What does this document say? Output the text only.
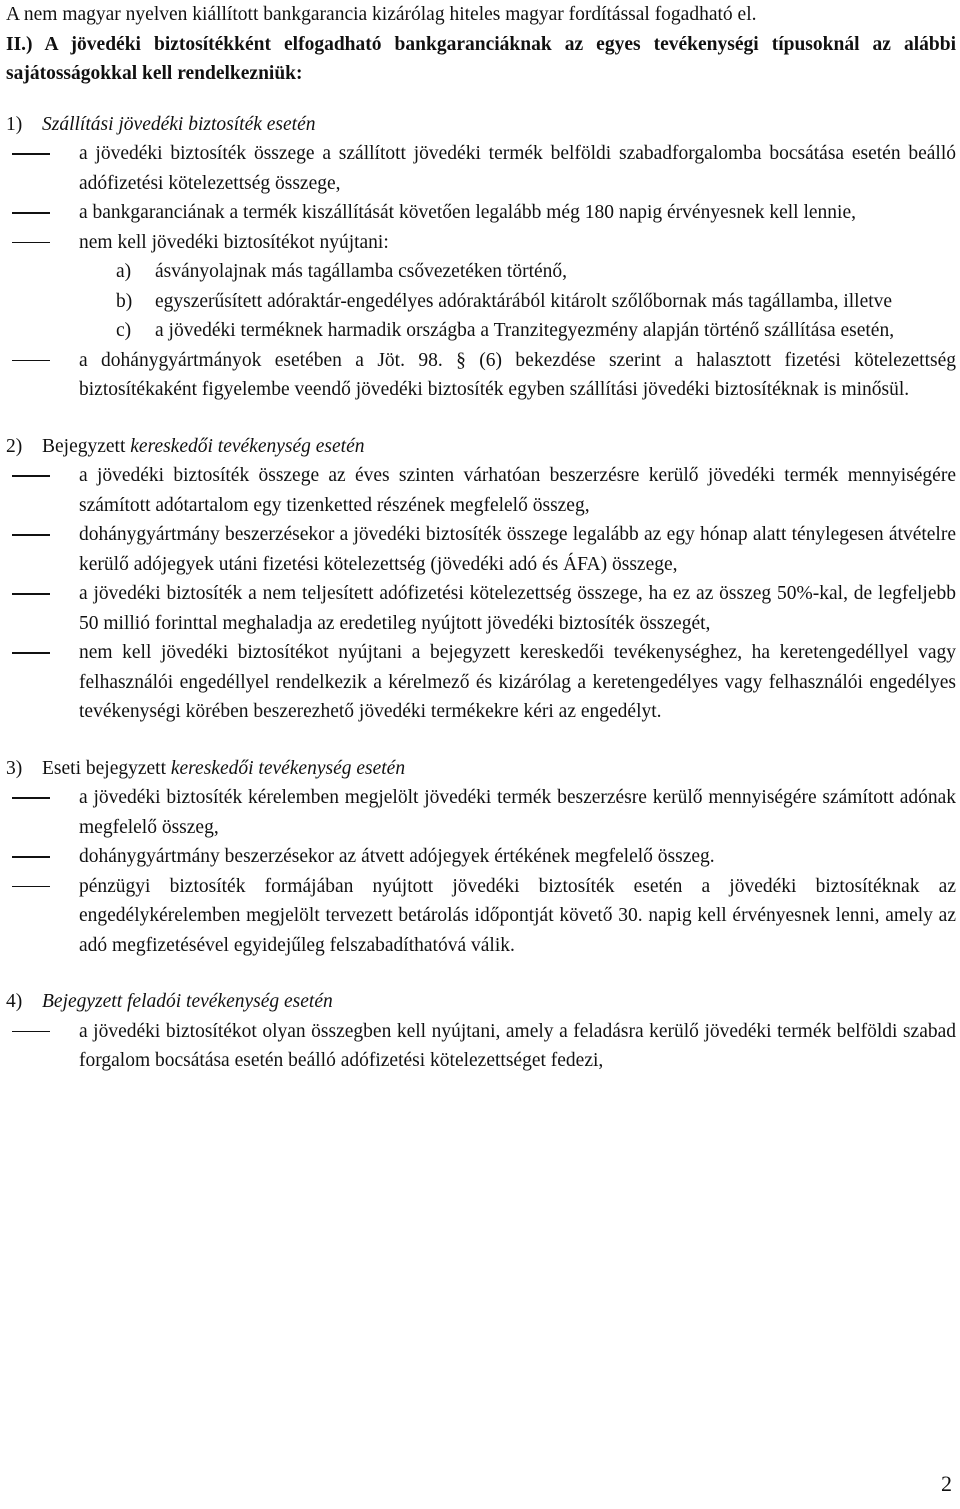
A nem magyar nyelven kiállított bankgarancia kizárólag hiteles magyar fordítással fogadható el.

II.) A jövedéki biztosítékként elfogadható bankgaranciáknak az egyes tevékenységi típusoknál az alábbi sajátosságokkal kell rendelkezniük:

1) Szállítási jövedéki biztosíték esetén
a jövedéki biztosíték összege a szállított jövedéki termék belföldi szabadforgalomba bocsátása esetén beálló adófizetési kötelezettség összege,
a bankgaranciának a termék kiszállítását követően legalább még 180 napig érvényesnek kell lennie,
nem kell jövedéki biztosítékot nyújtani:
a) ásványolajnak más tagállamba csővezetéken történő,
b) egyszerűsített adóraktár-engedélyes adóraktárából kitárolt szőlőbornak más tagállamba, illetve
c) a jövedéki terméknek harmadik országba a Tranzitegyezmény alapján történő szállítása esetén,
a dohánygyártmányok esetében a Jöt. 98. § (6) bekezdése szerint a halasztott fizetési kötelezettség biztosítékaként figyelembe veendő jövedéki biztosíték egyben szállítási jövedéki biztosítéknak is minősül.
2) Bejegyzett kereskedői tevékenység esetén
a jövedéki biztosíték összege az éves szinten várhatóan beszerzésre kerülő jövedéki termék mennyiségére számított adótartalom egy tizenketted részének megfelelő összeg,
dohánygyártmány beszerzésekor a jövedéki biztosíték összege legalább az egy hónap alatt ténylegesen átvételre kerülő adójegyek utáni fizetési kötelezettség (jövedéki adó és ÁFA) összege,
a jövedéki biztosíték a nem teljesített adófizetési kötelezettség összege, ha ez az összeg 50%-kal, de legfeljebb 50 millió forinttal meghaladja az eredetileg nyújtott jövedéki biztosíték összegét,
nem kell jövedéki biztosítékot nyújtani a bejegyzett kereskedői tevékenységhez, ha keretengedéllyel vagy felhasználói engedéllyel rendelkezik a kérelmező és kizárólag a keretengedélyes vagy felhasználói engedélyes tevékenységi körében beszerezhető jövedéki termékekre kéri az engedélyt.
3) Eseti bejegyzett kereskedői tevékenység esetén
a jövedéki biztosíték kérelemben megjelölt jövedéki termék beszerzésre kerülő mennyiségére számított adónak megfelelő összeg,
dohánygyártmány beszerzésekor az átvett adójegyek értékének megfelelő összeg.
pénzügyi biztosíték formájában nyújtott jövedéki biztosíték esetén a jövedéki biztosítéknak az engedélykérelemben megjelölt tervezett betárolás időpontját követő 30. napig kell érvényesnek lenni, amely az adó megfizetésével egyidejűleg felszabadíthatóvá válik.
4) Bejegyzett feladói tevékenység esetén
a jövedéki biztosítékot olyan összegben kell nyújtani, amely a feladásra kerülő jövedéki termék belföldi szabad forgalom bocsátása esetén beálló adófizetési kötelezettséget fedezi,
2
